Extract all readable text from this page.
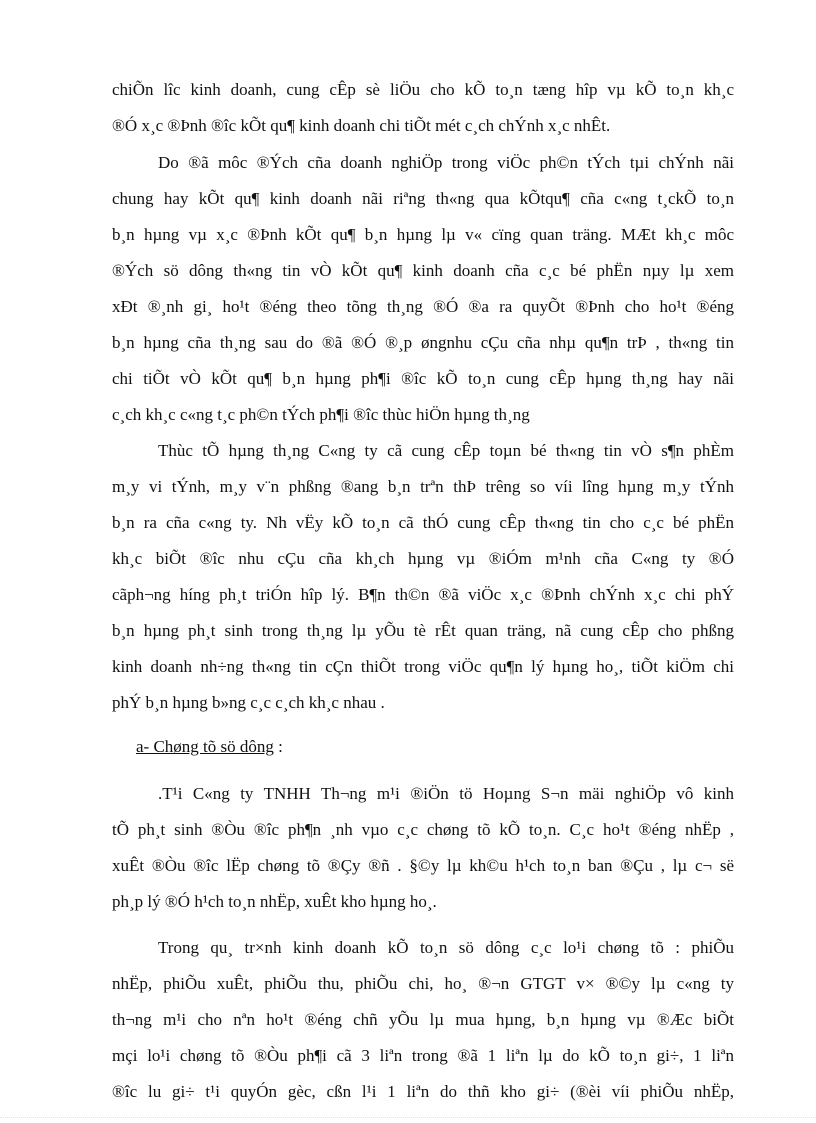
chiÕn lîc kinh doanh, cung cÊp sè liÖu cho kÕ to¸n tæng hîp vµ kÕ to¸n kh¸c
®Ó x¸c ®Þnh ®îc kÕt qu¶ kinh doanh chi tiÕt mét c¸ch chÝnh x¸c nhÊt.
Do ®ã môc ®Ých cña doanh nghiÖp trong viÖc ph©n tÝch tµi chÝnh nãi
chung hay kÕt qu¶ kinh doanh nãi riªng th«ng qua kÕtqu¶ cña c«ng t¸ckÕ to¸n
b¸n hµng vµ x¸c ®Þnh kÕt qu¶ b¸n hµng lµ v« cïng quan träng. MÆt kh¸c môc
®Ých sö dông th«ng tin vÒ kÕt qu¶ kinh doanh cña c¸c bé phËn nµy lµ xem
xÐt ®¸nh gi¸ ho¹t ®éng theo tõng th¸ng ®Ó ®a ra quyÕt ®Þnh cho ho¹t ®éng
b¸n hµng cña th¸ng sau do ®ã ®Ó ®¸p øngnhu cÇu cña nhµ qu¶n trÞ , th«ng tin
chi tiÕt vÒ kÕt qu¶ b¸n hµng ph¶i ®îc kÕ to¸n cung cÊp hµng th¸ng hay nãi
c¸ch kh¸c c«ng t¸c ph©n tÝch ph¶i ®îc thùc hiÖn hµng th¸ng
Thùc tÕ hµng th¸ng C«ng ty cã cung cÊp toµn bé th«ng tin vÒ s¶n phÈm
m¸y vi tÝnh, m¸y v¨n phßng ®ang b¸n trªn thÞ trêng so víi lîng hµng m¸y tÝnh
b¸n ra cña c«ng ty. Nh vËy kÕ to¸n cã thÓ cung cÊp th«ng tin cho c¸c bé phËn
kh¸c biÕt ®îc nhu cÇu cña kh¸ch hµng vµ ®iÓm m¹nh cña C«ng ty ®Ó
cãph¬ng híng ph¸t triÓn hîp lý. B¶n th©n ®ã viÖc x¸c ®Þnh chÝnh x¸c chi phÝ
b¸n hµng ph¸t sinh trong th¸ng lµ yÕu tè rÊt quan träng, nã cung cÊp cho phßng
kinh doanh nh÷ng th«ng tin cÇn thiÕt trong viÖc qu¶n lý hµng ho¸, tiÕt kiÖm chi
phÝ b¸n hµng b»ng c¸c c¸ch kh¸c nhau .
a- Chøng tõ sö dông :
.T¹i C«ng ty TNHH Th¬ng m¹i ®iÖn tö Hoµng S¬n mäi nghiÖp vô kinh
tÕ ph¸t sinh ®Òu ®îc ph¶n ¸nh vµo c¸c chøng tõ kÕ to¸n. C¸c ho¹t ®éng nhËp ,
xuÊt ®Òu ®îc lËp chøng tõ ®Çy ®ñ . §©y lµ kh©u h¹ch to¸n ban ®Çu , lµ c¬ së
ph¸p lý ®Ó h¹ch to¸n nhËp, xuÊt kho hµng ho¸.
Trong qu¸ tr×nh kinh doanh kÕ to¸n sö dông c¸c lo¹i chøng tõ : phiÕu
nhËp, phiÕu xuÊt, phiÕu thu, phiÕu chi, ho¸ ®¬n GTGT v× ®©y lµ c«ng ty
th¬ng m¹i cho nªn ho¹t ®éng chñ yÕu lµ mua hµng, b¸n hµng vµ ®Æc biÕt
mçi lo¹i chøng tõ ®Òu ph¶i cã 3 liªn trong ®ã 1 liªn lµ do kÕ to¸n gi÷, 1 liªn
®îc lu gi÷ t¹i quyÓn gèc, cßn l¹i 1 liªn do thñ kho gi÷ (®èi víi phiÕu nhËp,
